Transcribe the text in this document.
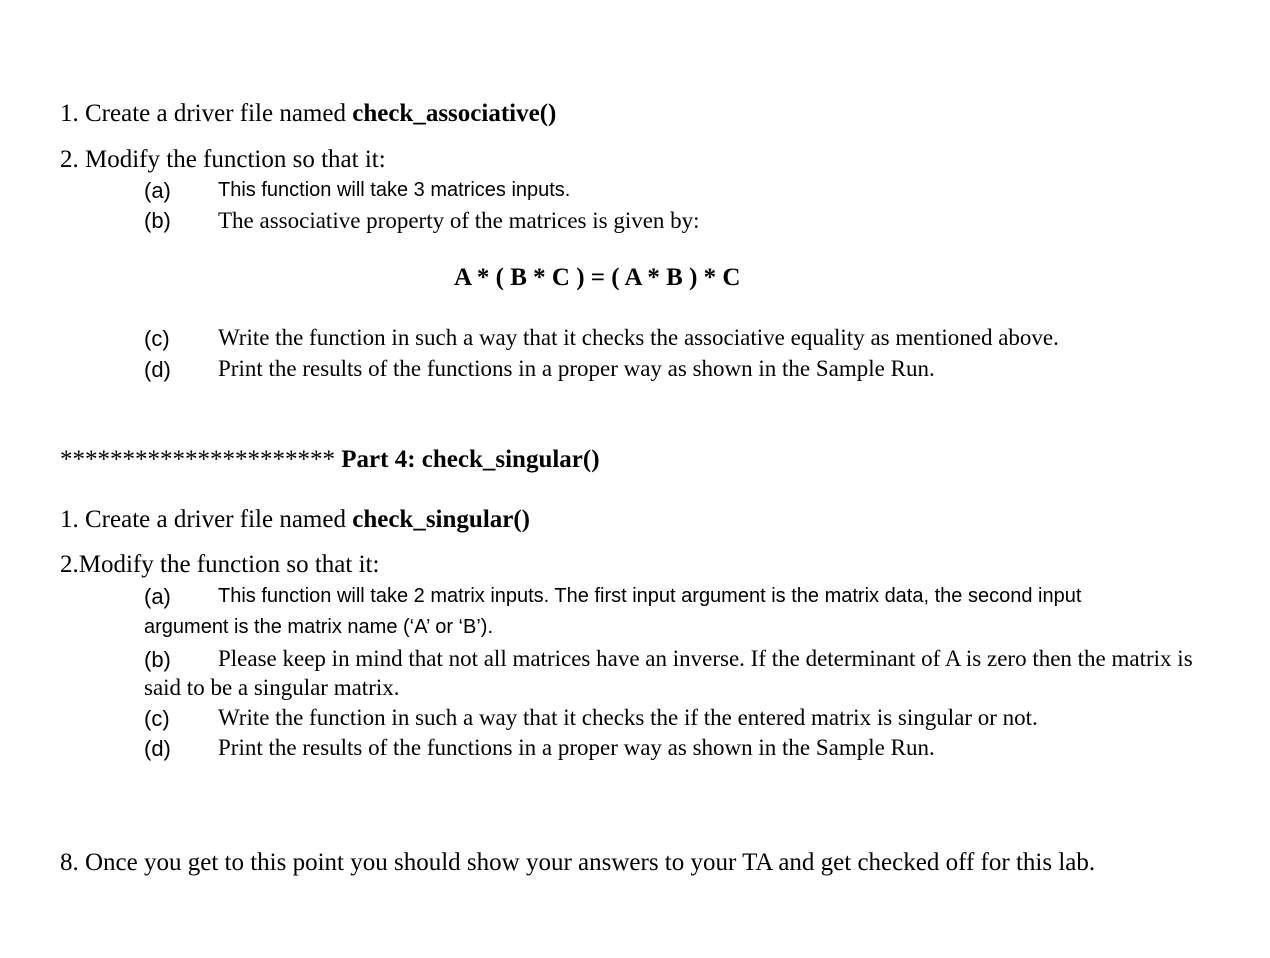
1. Create a driver file named check_associative()
2. Modify the function so that it:
(a) This function will take 3 matrices inputs.
(b) The associative property of the matrices is given by:
A * ( B * C ) = ( A * B ) * C
(c) Write the function in such a way that it checks the associative equality as mentioned above.
(d) Print the results of the functions in a proper way as shown in the Sample Run.
********************** Part 4: check_singular()
1. Create a driver file named check_singular()
2.Modify the function so that it:
(a) This function will take 2 matrix inputs. The first input argument is the matrix data, the second input
argument is the matrix name (‘A’ or ‘B’).
(b) Please keep in mind that not all matrices have an inverse. If the determinant of A is zero then the matrix is
said to be a singular matrix.
(c) Write the function in such a way that it checks the if the entered matrix is singular or not.
(d) Print the results of the functions in a proper way as shown in the Sample Run.
8. Once you get to this point you should show your answers to your TA and get checked off for this lab.
